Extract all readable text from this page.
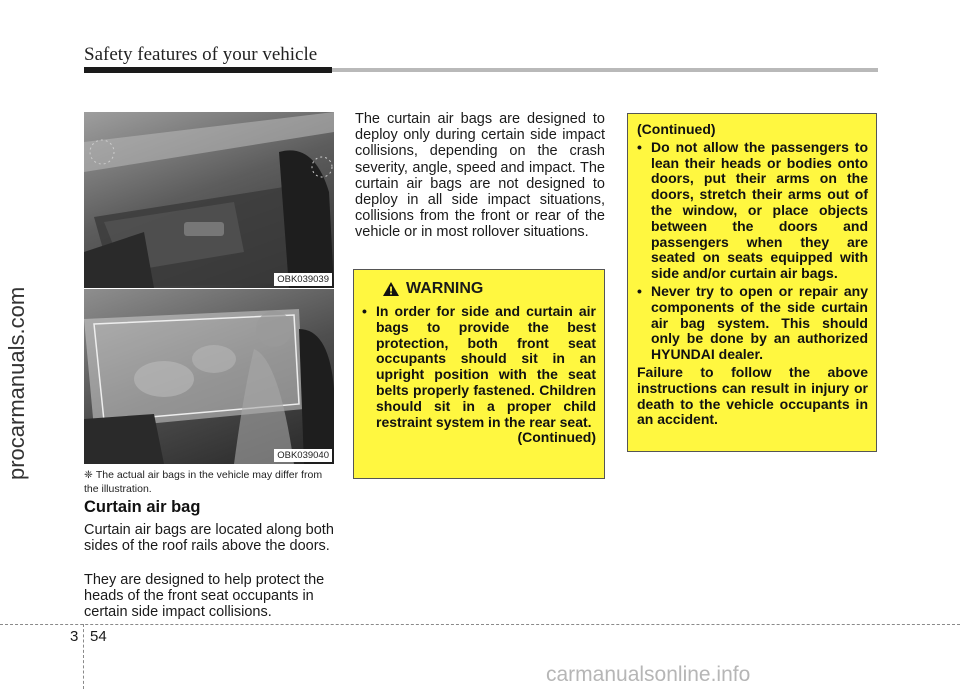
Safety features of your vehicle
procarmanuals.com
OBK039039
OBK039040
❈ The actual air bags in the vehicle may differ from the illustration.
Curtain air bag
Curtain air bags are located along both sides of the roof rails above the doors.
They are designed to help protect the heads of the front seat occupants in certain side impact collisions.
The curtain air bags are designed to deploy only during certain side impact collisions, depending on the crash severity, angle, speed and impact. The curtain air bags are not designed to deploy in all side impact situations, collisions from the front or rear of the vehicle or in most rollover situations.
WARNING
• In order for side and curtain air bags to provide the best protection, both front seat occupants should sit in an upright position with the seat belts properly fastened. Children should sit in a proper child restraint system in the rear seat.
(Continued)
(Continued)
• Do not allow the passengers to lean their heads or bodies onto doors, put their arms on the doors, stretch their arms out of the window, or place objects between the doors and passengers when they are seated on seats equipped with side and/or curtain air bags.
• Never try to open or repair any components of the side curtain air bag system. This should only be done by an authorized HYUNDAI dealer.
Failure to follow the above instructions can result in injury or death to the vehicle occupants in an accident.
3 54
carmanualsonline.info
